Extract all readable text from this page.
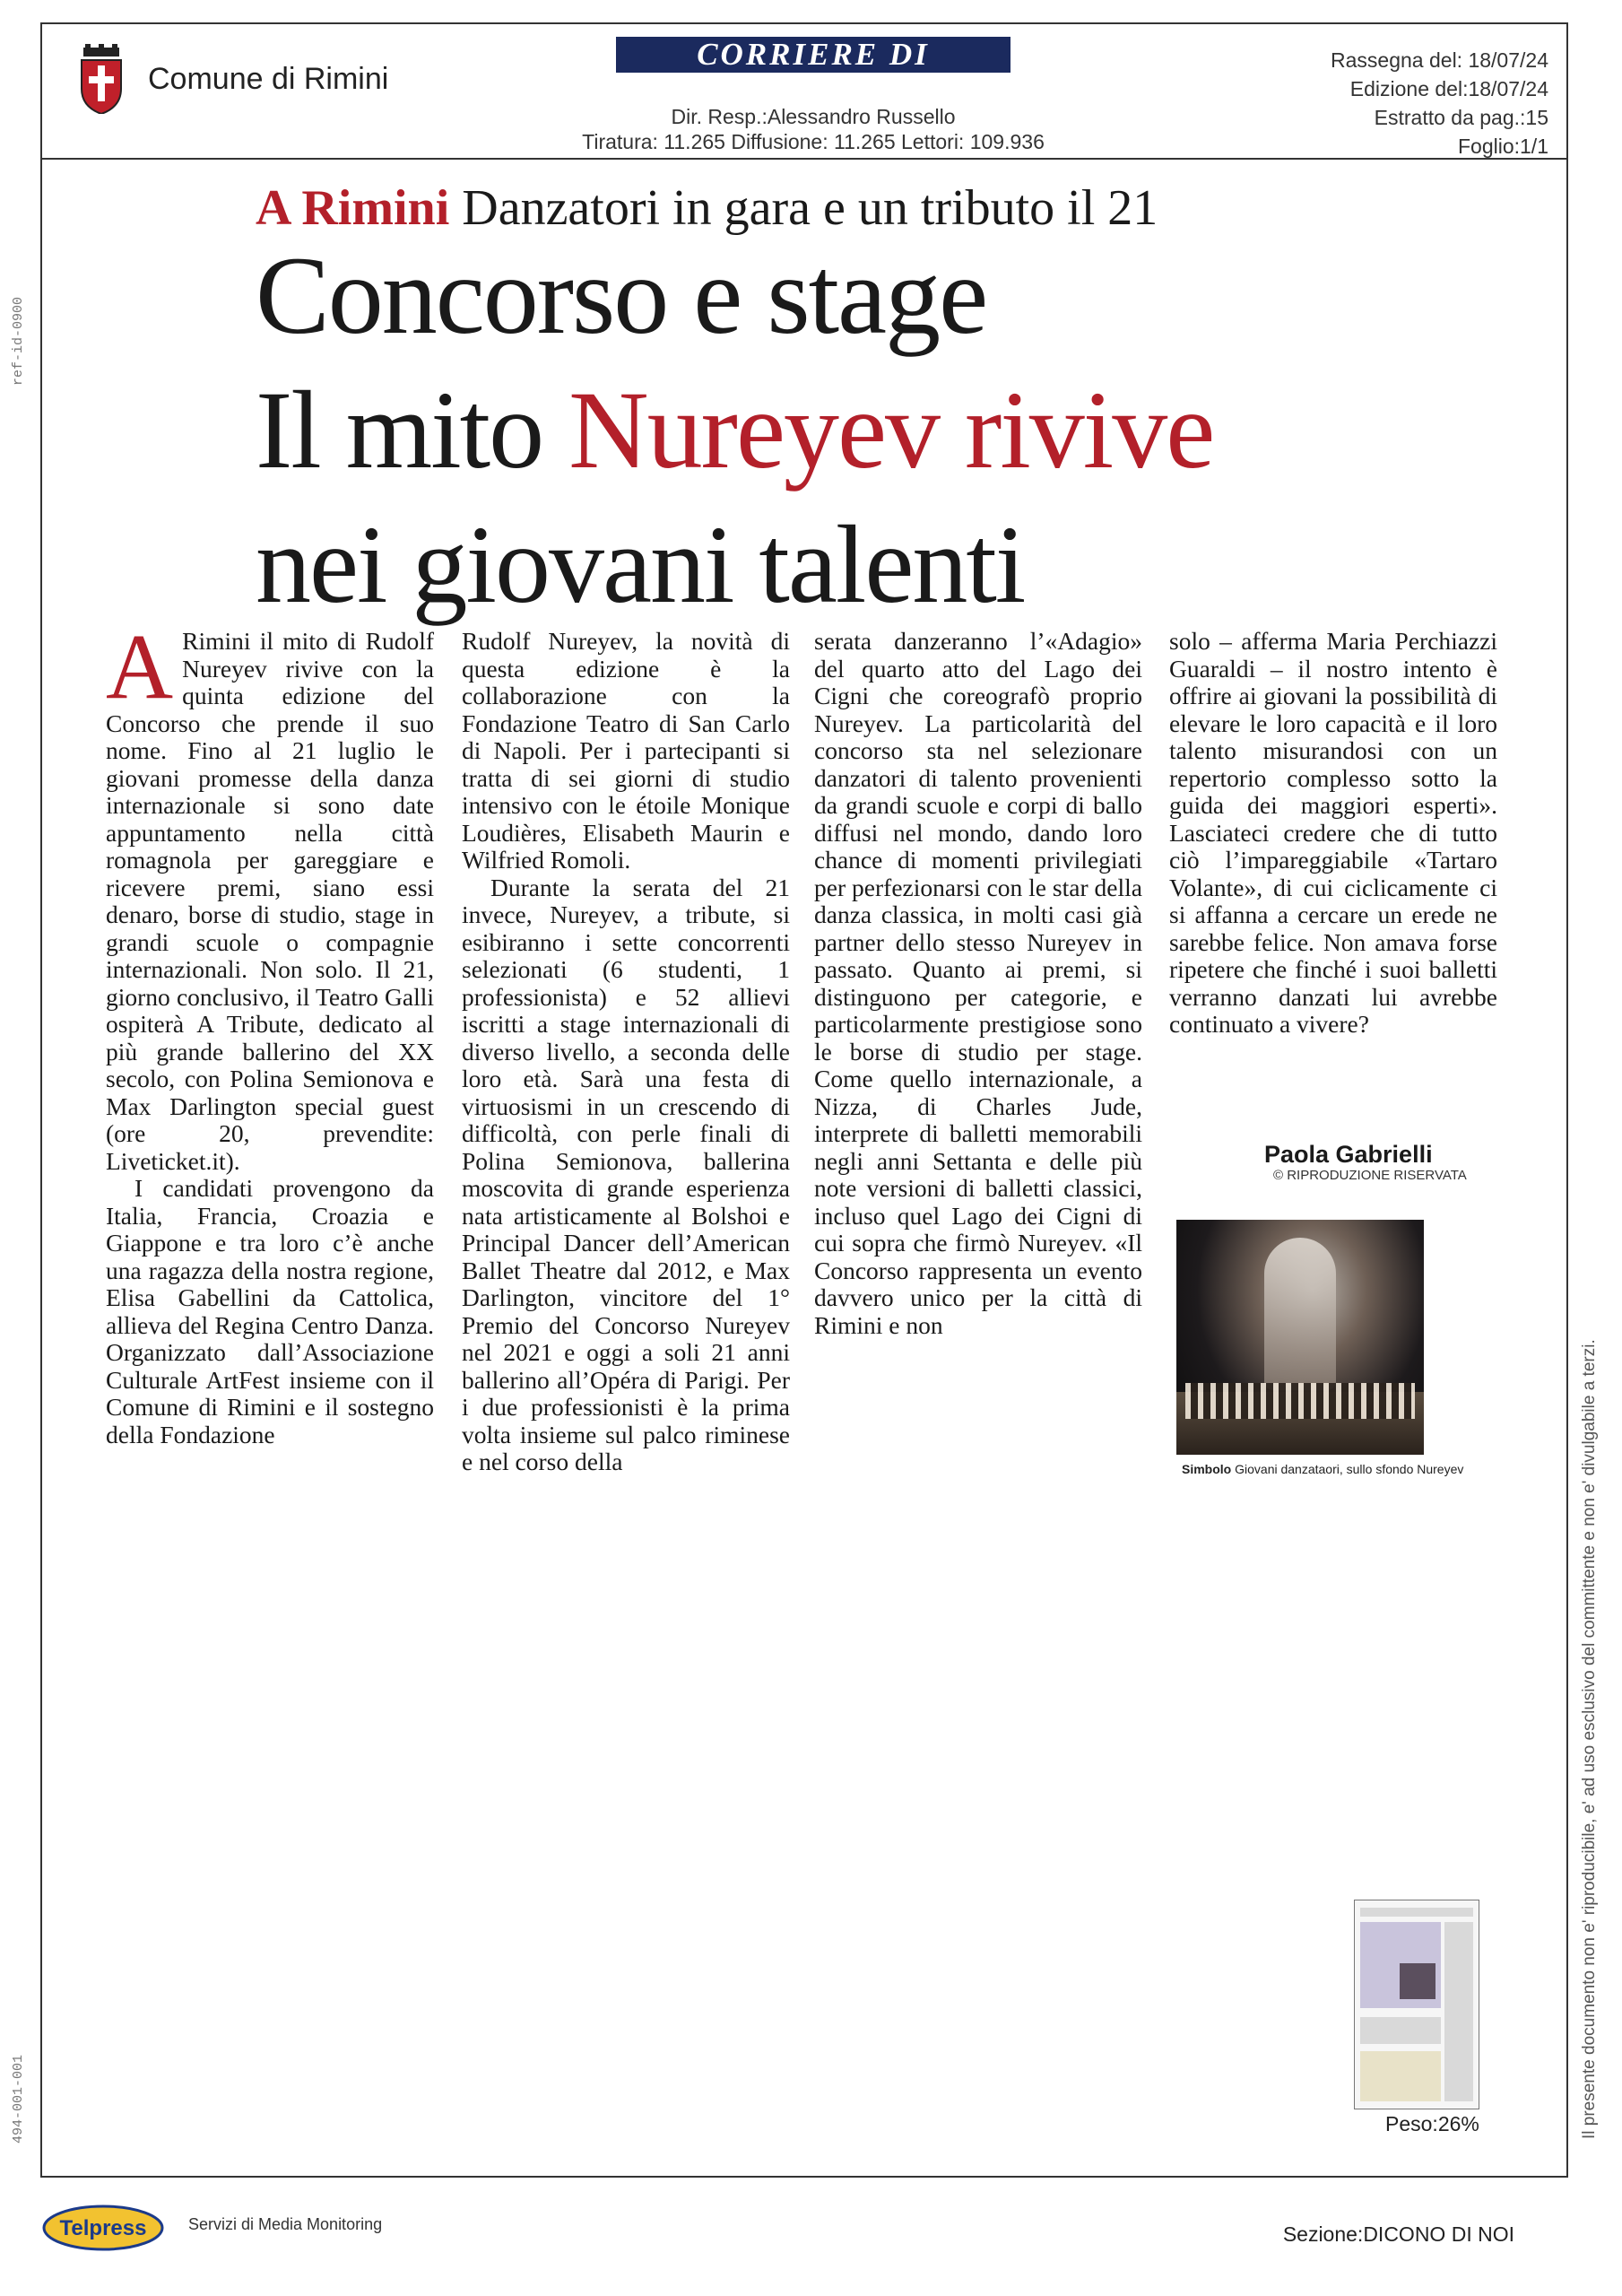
Comune di Rimini
CORRIERE DI BOLOGNA
Dir. Resp.:Alessandro Russello
Tiratura: 11.265 Diffusione: 11.265 Lettori: 109.936
Rassegna del: 18/07/24
Edizione del:18/07/24
Estratto da pag.:15
Foglio:1/1
A Rimini Danzatori in gara e un tributo il 21
Concorso e stage
Il mito Nureyev rivive
nei giovani talenti

A Rimini il mito di Rudolf Nureyev rivive con la quinta edizione del Concorso che prende il suo nome. Fino al 21 luglio le giovani promesse della danza internazionale si sono date appuntamento nella città romagnola per gareggiare e ricevere premi, siano essi denaro, borse di studio, stage in grandi scuole o compagnie internazionali. Non solo. Il 21, giorno conclusivo, il Teatro Galli ospiterà A Tribute, dedicato al più grande ballerino del XX secolo, con Polina Semionova e Max Darlington special guest (ore 20, prevendite: Liveticket.it).

I candidati provengono da Italia, Francia, Croazia e Giappone e tra loro c’è anche una ragazza della nostra regione, Elisa Gabellini da Cattolica, allieva del Regina Centro Danza. Organizzato dall’Associazione Culturale ArtFest insieme con il Comune di Rimini e il sostegno della Fondazione

Rudolf Nureyev, la novità di questa edizione è la collaborazione con la Fondazione Teatro di San Carlo di Napoli. Per i partecipanti si tratta di sei giorni di studio intensivo con le étoile Monique Loudières, Elisabeth Maurin e Wilfried Romoli.

Durante la serata del 21 invece, Nureyev, a tribute, si esibiranno i sette concorrenti selezionati (6 studenti, 1 professionista) e 52 allievi iscritti a stage internazionali di diverso livello, a seconda delle loro età. Sarà una festa di virtuosismi in un crescendo di difficoltà, con perle finali di Polina Semionova, ballerina moscovita di grande esperienza nata artisticamente al Bolshoi e Principal Dancer dell’American Ballet Theatre dal 2012, e Max Darlington, vincitore del 1° Premio del Concorso Nureyev nel 2021 e oggi a soli 21 anni ballerino all’Opéra di Parigi. Per i due professionisti è la prima volta insieme sul palco riminese e nel corso della

serata danzeranno l’«Adagio» del quarto atto del Lago dei Cigni che coreografò proprio Nureyev. La particolarità del concorso sta nel selezionare danzatori di talento provenienti da grandi scuole e corpi di ballo diffusi nel mondo, dando loro chance di momenti privilegiati per perfezionarsi con le star della danza classica, in molti casi già partner dello stesso Nureyev in passato. Quanto ai premi, si distinguono per categorie, e particolarmente prestigiose sono le borse di studio per stage. Come quello internazionale, a Nizza, di Charles Jude, interprete di balletti memorabili negli anni Settanta e delle più note versioni di balletti classici, incluso quel Lago dei Cigni di cui sopra che firmò Nureyev. «Il Concorso rappresenta un evento davvero unico per la città di Rimini e non

solo – afferma Maria Perchiazzi Guaraldi – il nostro intento è offrire ai giovani la possibilità di elevare le loro capacità e il loro talento misurandosi con un repertorio complesso sotto la guida dei maggiori esperti». Lasciateci credere che di tutto ciò l’impareggiabile «Tartaro Volante», di cui ciclicamente ci si affanna a cercare un erede ne sarebbe felice. Non amava forse ripetere che finché i suoi balletti verranno danzati lui avrebbe continuato a vivere?

Paola Gabrielli
© RIPRODUZIONE RISERVATA
Simbolo Giovani danzataori, sullo sfondo Nureyev
Peso:26%
ref-id-0900
494-001-001	Il presente documento non e' riproducibile, e' ad uso esclusivo del committente e non e' divulgabile a terzi.
Telpress	Servizi di Media Monitoring	Sezione:DICONO DI NOI
